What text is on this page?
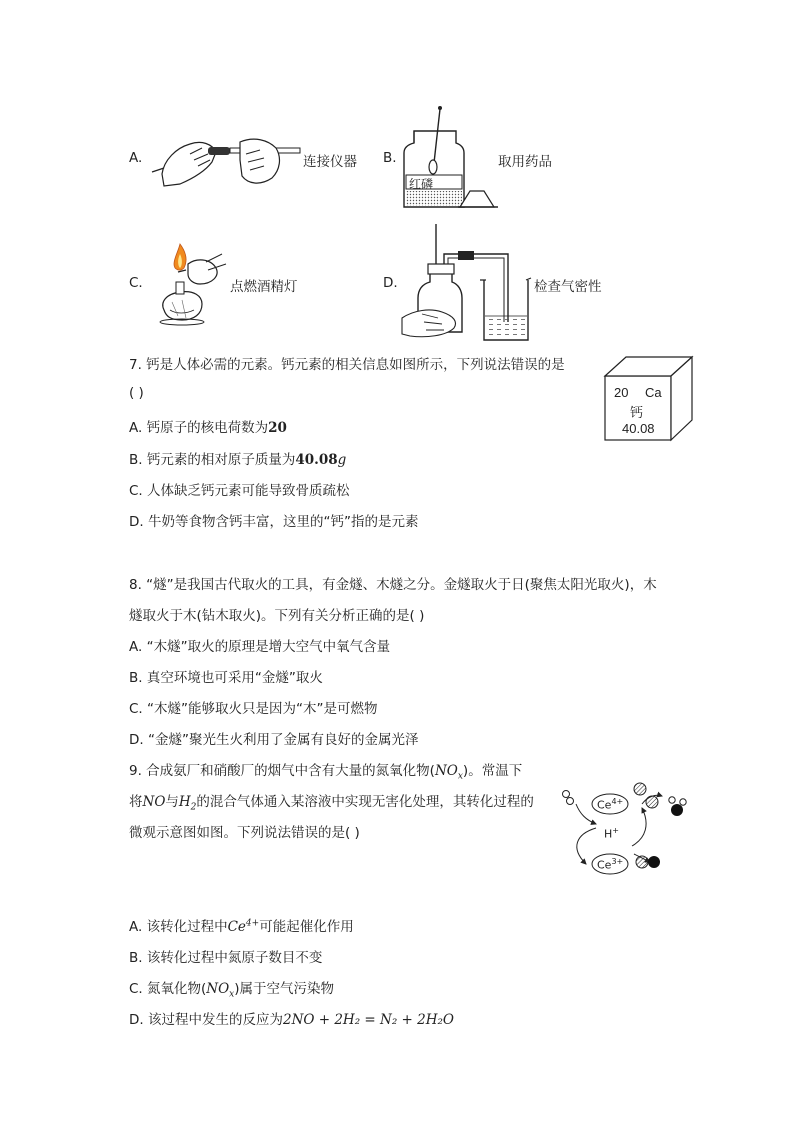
A.	连接仪器 B.
红磷
取用药品
C.	点燃酒精灯	D.	检查气密性
7. 钙是人体必需的元素。钙元素的相关信息如图所示，下列说法错误的是
( )	20 Ca
钙
40.08
A. 钙原子的核电荷数为20
B. 钙元素的相对原子质量为40.08g
C. 人体缺乏钙元素可能导致骨质疏松
D. 牛奶等食物含钙丰富，这里的“钙”指的是元素
8. “燧”是我国古代取火的工具，有金燧、木燧之分。金燧取火于日(聚焦太阳光取火)，木
燧取火于木(钻木取火)。下列有关分析正确的是( )
A. “木燧”取火的原理是增大空气中氧气含量
B. 真空环境也可采用“金燧”取火
C. “木燧”能够取火只是因为“木”是可燃物
D. “金燧”聚光生火利用了金属有良好的金属光泽
9. 合成氨厂和硝酸厂的烟气中含有大量的氮氧化物$(NO_x)$。常温下
将NO与$H_2$的混合气体通入某溶液中实现无害化处理，其转化过程的
微观示意图如图。下列说法错误的是( )
$Ce^{4+}$
H+
$Ce^{3+}$
A. 该转化过程中$Ce^{4+}$可能起催化作用
B. 该转化过程中氮原子数目不变
C. 氮氧化物$(NO_x)$属于空气污染物
D. 该过程中发生的反应为2NO + 2H₂ = N₂ + 2H₂O
